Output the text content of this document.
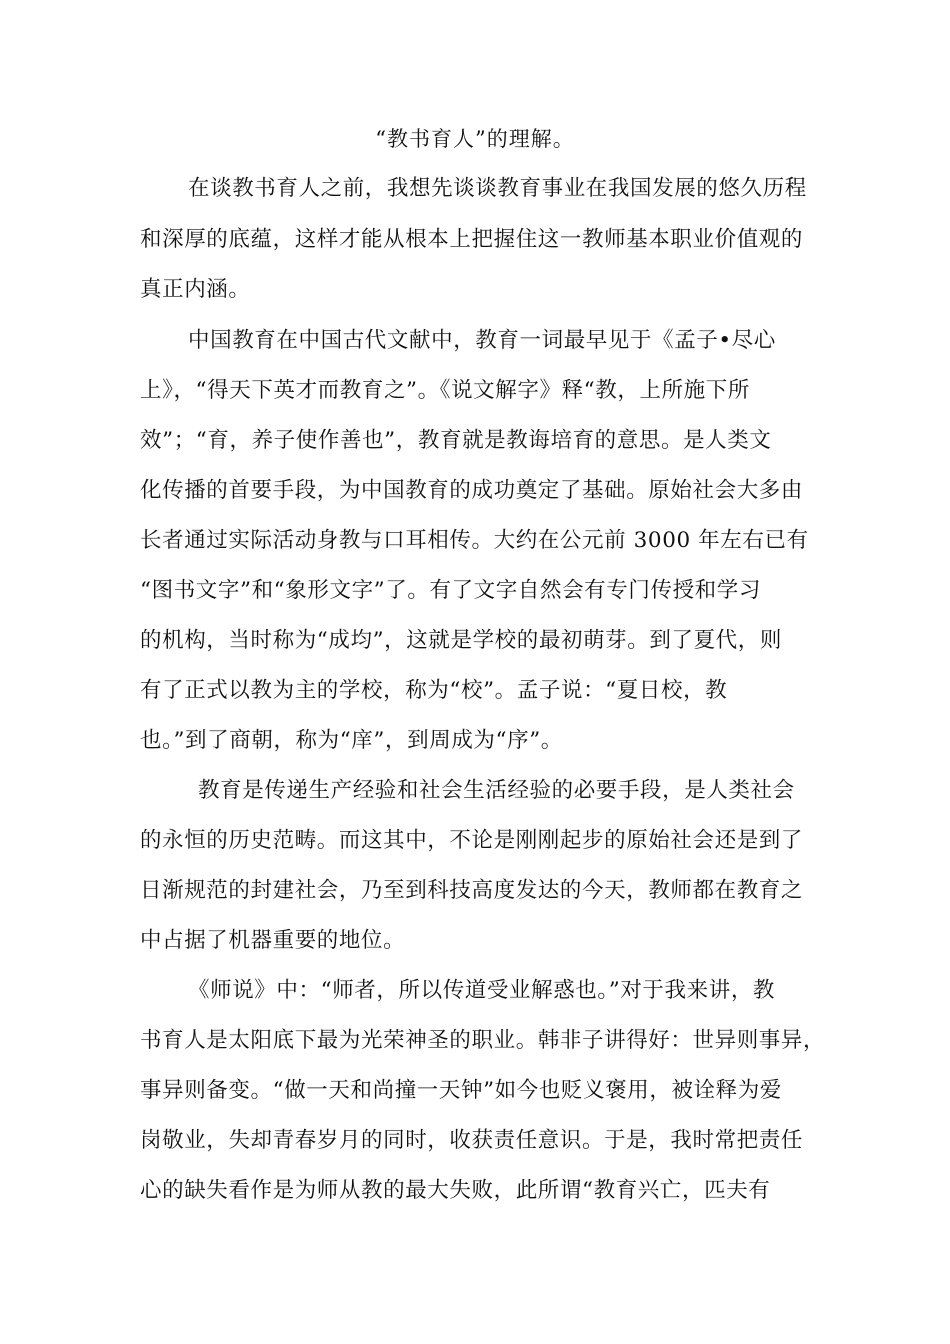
“教书育人”的理解。
在谈教书育人之前，我想先谈谈教育事业在我国发展的悠久历程
和深厚的底蕴，这样才能从根本上把握住这一教师基本职业价值观的
真正内涵。
中国教育在中国古代文献中，教育一词最早见于《孟子•尽心
上》，“得天下英才而教育之”。《说文解字》释“教，上所施下所
效”；“育，养子使作善也”，教育就是教诲培育的意思。是人类文
化传播的首要手段，为中国教育的成功奠定了基础。原始社会大多由
长者通过实际活动身教与口耳相传。大约在公元前 3000 年左右已有
“图书文字”和“象形文字”了。有了文字自然会有专门传授和学习
的机构，当时称为“成均”，这就是学校的最初萌芽。到了夏代，则
有了正式以教为主的学校，称为“校”。孟子说：“夏日校，教
也。”到了商朝，称为“庠”，到周成为“序”。
教育是传递生产经验和社会生活经验的必要手段，是人类社会
的永恒的历史范畴。而这其中，不论是刚刚起步的原始社会还是到了
日渐规范的封建社会，乃至到科技高度发达的今天，教师都在教育之
中占据了机器重要的地位。
《师说》中：“师者，所以传道受业解惑也。”对于我来讲，教
书育人是太阳底下最为光荣神圣的职业。韩非子讲得好：世异则事异，
事异则备变。“做一天和尚撞一天钟”如今也贬义褒用，被诠释为爱
岗敬业，失却青春岁月的同时，收获责任意识。于是，我时常把责任
心的缺失看作是为师从教的最大失败，此所谓“教育兴亡，匹夫有
